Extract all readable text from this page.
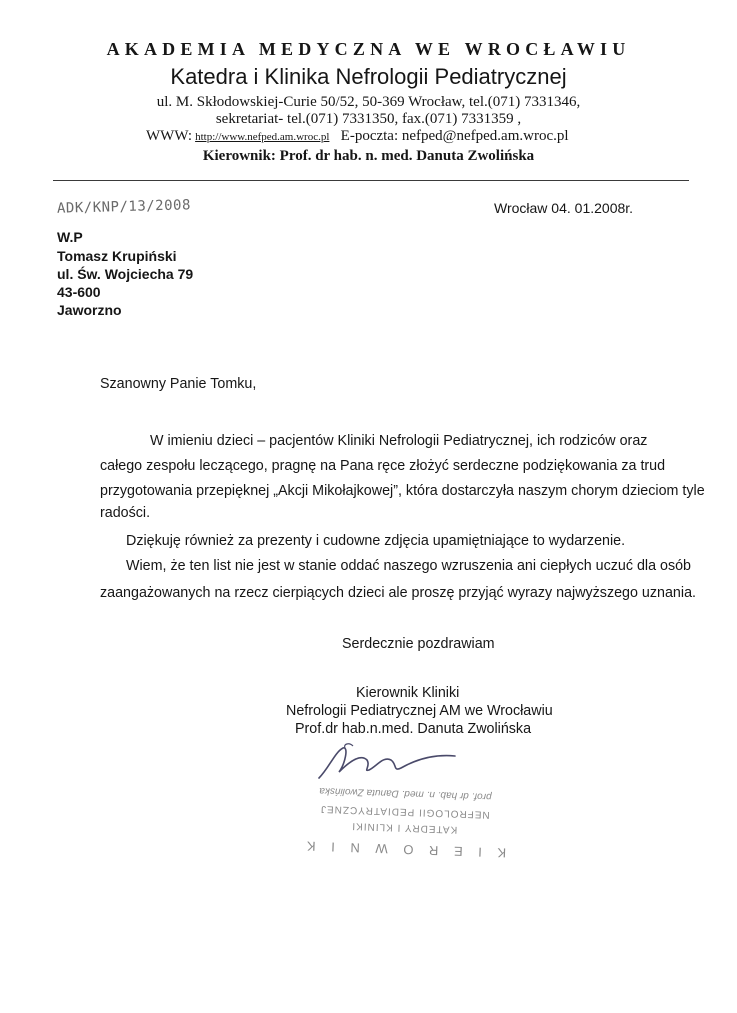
AKADEMIA MEDYCZNA WE WROCŁAWIU
Katedra i Klinika Nefrologii Pediatrycznej
ul. M. Skłodowskiej-Curie 50/52, 50-369 Wrocław, tel.(071) 7331346,
sekretariat- tel.(071) 7331350, fax.(071) 7331359 ,
WWW: http://www.nefped.am.wroc.pl E-poczta: nefped@nefped.am.wroc.pl
Kierownik: Prof. dr hab. n. med. Danuta Zwolińska
ADK/KNP/13/2008	Wrocław 04. 01.2008r.
W.P
Tomasz Krupiński
ul. Św. Wojciecha 79
43-600
Jaworzno
Szanowny Panie Tomku,
W imieniu dzieci – pacjentów Kliniki Nefrologii Pediatrycznej, ich rodziców oraz
całego zespołu leczącego, pragnę na Pana ręce złożyć serdeczne podziękowania za trud
przygotowania przepięknej „Akcji Mikołajkowej”, która dostarczyła naszym chorym dzieciom tyle
radości.
Dziękuję również za prezenty i cudowne zdjęcia upamiętniające to wydarzenie.
Wiem, że ten list nie jest w stanie oddać naszego wzruszenia ani ciepłych uczuć dla osób
zaangażowanych na rzecz cierpiących dzieci ale proszę przyjąć wyrazy najwyższego uznania.
Serdecznie pozdrawiam
Kierownik Kliniki
Nefrologii Pediatrycznej AM we Wrocławiu
Prof.dr hab.n.med. Danuta Zwolińska
K I E R O W N I K
KATEDRY I KLINIKI
NEFROLOGII PEDIATRYCZNEJ
prof. dr hab. n. med. Danuta Zwolińska
